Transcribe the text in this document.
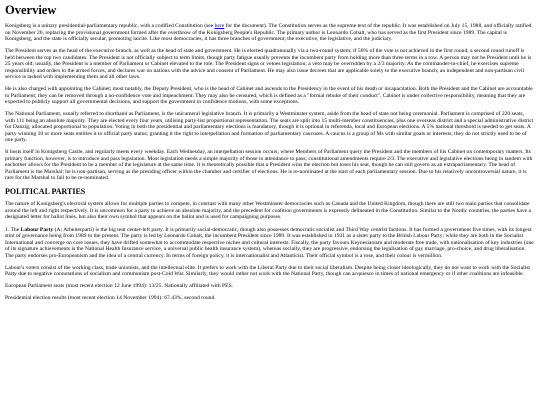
Overview

Konigsberg is a unitary presidential-parliamentary republic, with a codified Constitution (see here for the document). The Constitution serves as the supreme text of the republic. It was established on July 15, 1988, and officially ratified on November 26, replacing the provisional government formed after the overthrow of the Konigsberg People's Republic. The primary author is Leonardo Cobalt, who has served as the first President since 1989. The capital is Konigsberg, and the state is officially secular, promoting laicite. Like most democracies, it has three branches of government; the executive, the legislative, and the judiciary.

The President serves as the head of the executive branch, as well as the head of state and government. He is elected quadrannually via a two-round system; if 50% of the vote is not achieved in the first round, a second round runoff is held between the top two candidates. The President is not officially subject to term limits, though party fatigue usually prevents the incumbent party from holding more than three terms in a row. A person may not be President until he is 25 years old; usually, the President is a member of Parliament or Cabinet elevated to the role. The President signs or vetoes legislation; a veto may be overridden by a 2/3 majority. As the commander-in-chief, he exercises supreme responsibility and orders to the armed forces, and declares war on nations with the advice and consent of Parliament. He may also issue decrees that are applicable solely to the executive branch; an independent and non-partisan civil service is tasked with implementing them and all other laws.

He is also charged with appointing the Cabinet; most notably, the Deputy President, who is the head of Cabinet and ascends to the Presidency in the event of his death or incapacitation. Both the President and the Cabinet are accountable to Parliament; they can be removed through a no-confidence vote and impeachment. They may also be censured, which is defined as a "formal rebuke of their conduct". Cabinet is under collective responsibility, meaning that they are expected to publicly support all governmental decisions, and support the government in confidence motions, with some exceptions.

The National Parliament, usually referred to shorthand as Parliament, is the unicameral legislative branch. It is primarily a Westminster system, aside from the head of state not being ceremonial. Parliament is comprised of 220 seats, with 111 being an absolute majority. They are elected every four years, utilising party-list proportional representation. The seats are split into 15 multi-member constituencies, plus one overseas district and a special administrative district for Danzig, allocated proportional to population. Voting in both the presidential and parliamentary elections is mandatory, though it is optional in referenda, local and European elections. A 5% national threshold is needed to get seats. A party winning 10 or more seats entitles it to official party status; granting it the right to interpellation and formation of parliamentary caucuses. A caucus is a group of Ms with similar goals or interests; they do not strictly need to be of one party.

It hosts itself in Konigsberg Castle, and regularly meets every weekday. Each Wednesday, an interpellation session occurs, where Members of Parliament query the President and the members of his Cabinet on contemporary matters. Its primary function, however, is to introduce and pass legislation. Most legislation needs a simple majority of those in attendance to pass; constitutional amendments require 2/3. The executive and legislative elections being in tandem with eachother allows for the President to be a member of the legislature at the same time. It is theoretically possible that a President wins the election but loses his seat, though he can still govern as an extraparliamentary. The head of Parliament is the Marshal; he is non-partisan, serving as the presiding officer within the chamber and certifier of elections. He is re-nominated at the start of each parliamentary session. Due to his relatively uncontroversial nature, it is rare for the Marshal to fail to be re-nominated.

POLITICAL PARTIES

The nature of Konigsberg's electoral system allows for multiple parties to compete, in contrast with many other Westminster democracies such as Canada and the United Kingdom, though there are still two main parties that consolidate around the left and right respectively. It is uncommon for a party to achieve an absolute majority, and the precedent for coalition governments is expressly delineated in the Constitution. Similar to the Nordic countries, the parties have a designated letter for ballot lines, but also their own symbol that appears on the ballot and is used for campaigning purposes.

1. The Labour Party (A; Arbeiterparti) is the big tent center-left party. It is primarily social-democratic, though also possesses democratic socialist and Third Way centrist factions. It has formed a government five times, with its longest stint of governance being from 1989 to the present. The party is led by Leonardo Cobalt, the incumbent President since 1989. It was established in 1931 as a sister party to the British Labour Party; while they are both in the Socialist International and converge on core issues, they have drifted somewhat to accommodate respective niches and cultural interests. Fiscally, the party favours Keynesianism and moderate free trade, with nationalisation of key industries (one of its signature achievements is the National Health Insurance service, a universal public health insurance system), whereas socially, they are progressive, endorsing the legalisation of gay marriage, pro-choice, and drug liberalisation. The party endorses pro-Europeanism and the idea of a central currency. In terms of foreign policy, it is internationalist and Atlanticist. Their official symbol is a rose, and their colour is vermillion.

Labour's voters consist of the working class, trade unionists, and the intellectual elite. It prefers to work with the Liberal Party due to their social liberalism. Despite being closer ideologically, they do not want to work with the Socialist Party due to negative connotations of socialism and communism post-Cold War. Similarly, they would rather not work with the National Party, though can acquiesce in times of national emergency or if other coalitions are infeasible.

European Parliament seats (most recent election 12 June 1994): 13/25. Nationally affiliated with PES.

Presidential election results (most recent election 14 November 1994): 67.43%, second round.
